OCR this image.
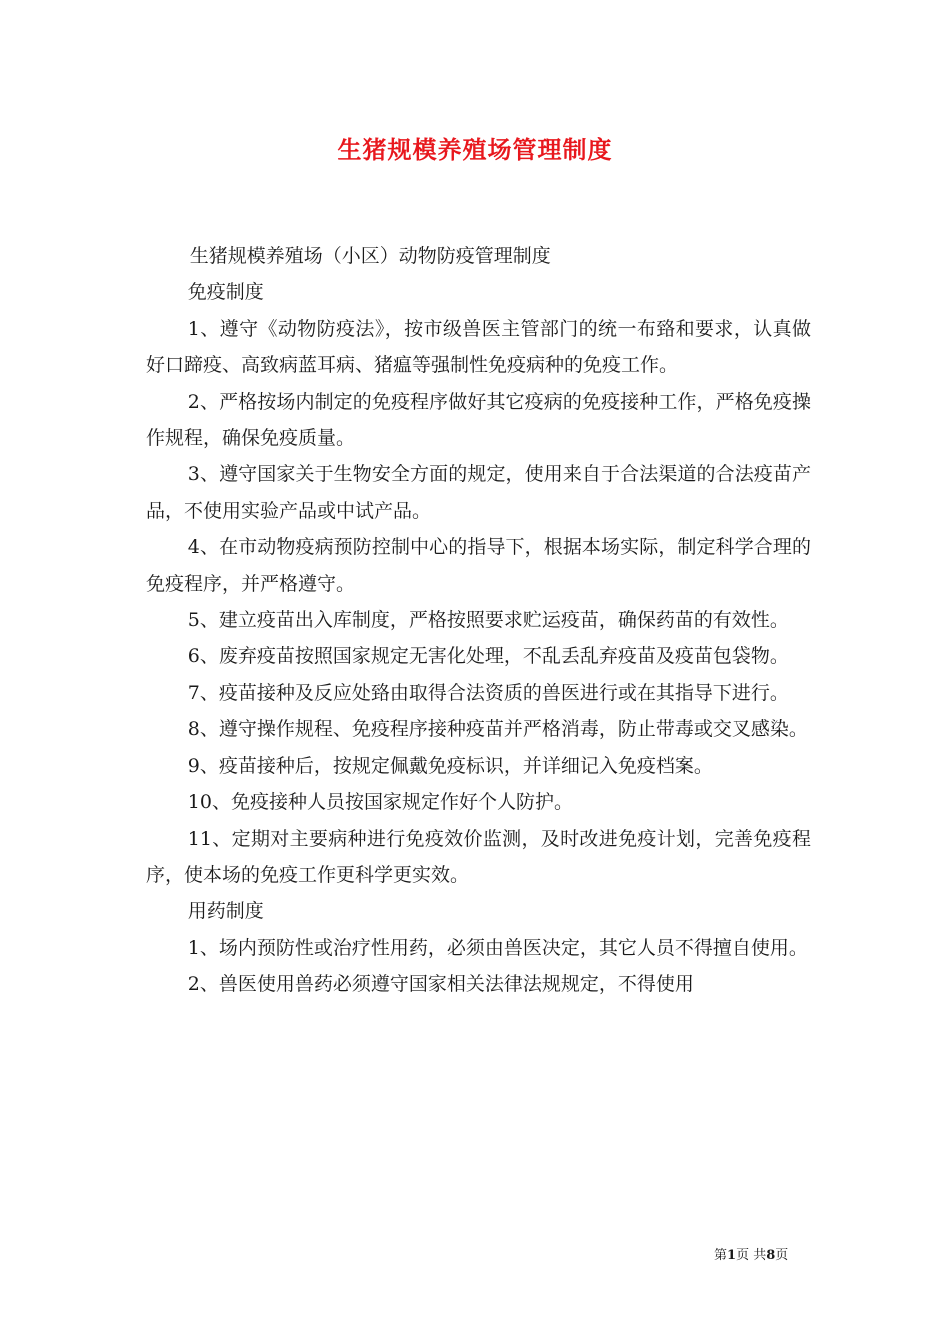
生猪规模养殖场管理制度

生猪规模养殖场（小区）动物防疫管理制度

免疫制度

1、遵守《动物防疫法》，按市级兽医主管部门的统一布臵和要求，认真做好口蹄疫、高致病蓝耳病、猪瘟等强制性免疫病种的免疫工作。

2、严格按场内制定的免疫程序做好其它疫病的免疫接种工作，严格免疫操作规程，确保免疫质量。

3、遵守国家关于生物安全方面的规定，使用来自于合法渠道的合法疫苗产品，不使用实验产品或中试产品。

4、在市动物疫病预防控制中心的指导下，根据本场实际，制定科学合理的免疫程序，并严格遵守。

5、建立疫苗出入库制度，严格按照要求贮运疫苗，确保药苗的有效性。

6、废弃疫苗按照国家规定无害化处理，不乱丢乱弃疫苗及疫苗包袋物。

7、疫苗接种及反应处臵由取得合法资质的兽医进行或在其指导下进行。

8、遵守操作规程、免疫程序接种疫苗并严格消毒，防止带毒或交叉感染。

9、疫苗接种后，按规定佩戴免疫标识，并详细记入免疫档案。

10、免疫接种人员按国家规定作好个人防护。

11、定期对主要病种进行免疫效价监测，及时改进免疫计划，完善免疫程序，使本场的免疫工作更科学更实效。

用药制度

1、场内预防性或治疗性用药，必须由兽医决定，其它人员不得擅自使用。

2、兽医使用兽药必须遵守国家相关法律法规规定，不得使用

第1页 共8页
